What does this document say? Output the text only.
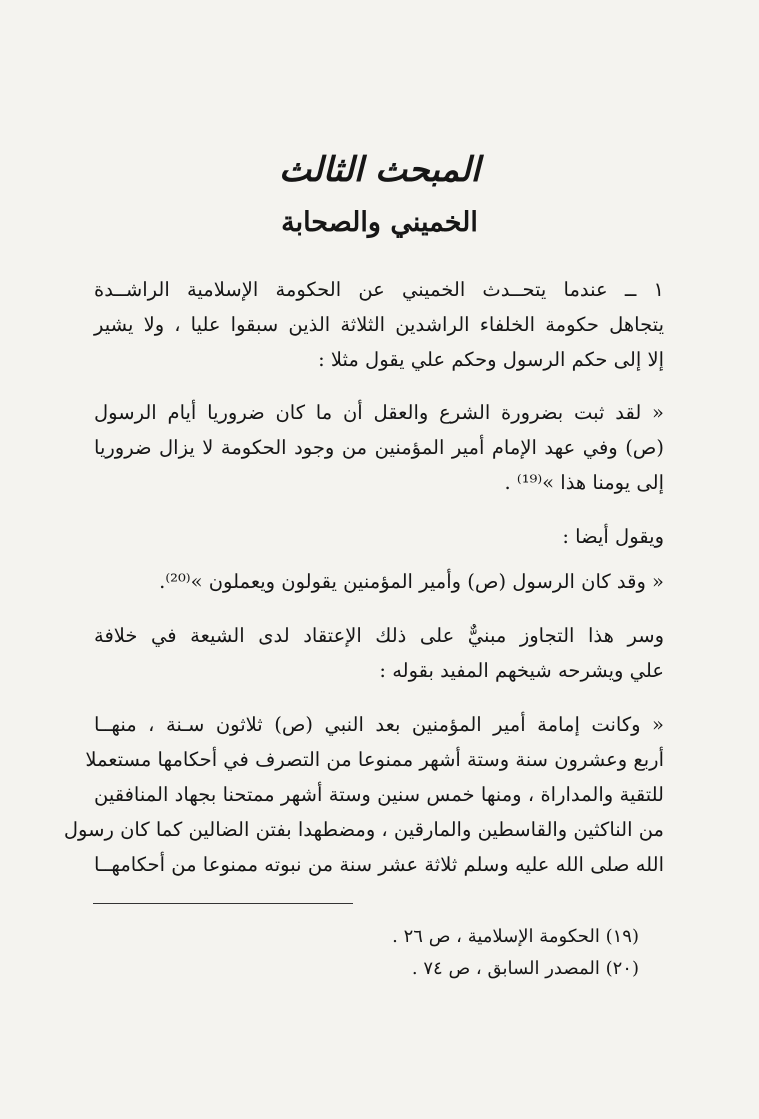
المبحث الثالث
الخميني والصحابة
١ ــ عندما يتحــدث الخميني عن الحكومة الإسلامية الراشــدة
يتجاهل حكومة الخلفاء الراشدين الثلاثة الذين سبقوا عليا ، ولا يشير
إلا إلى حكم الرسول وحكم علي يقول مثلا :
« لقد ثبت بضرورة الشرع والعقل أن ما كان ضروريا أيام الرسول
(ص) وفي عهد الإمام أمير المؤمنين من وجود الحكومة لا يزال ضروريا
إلى يومنا هذا »⁽¹⁹⁾ .
ويقول أيضا :
« وقد كان الرسول (ص) وأمير المؤمنين يقولون ويعملون »⁽²⁰⁾.
وسر هذا التجاوز مبنيٌّ على ذلك الإعتقاد لدى الشيعة في خلافة
علي ويشرحه شيخهم المفيد بقوله :
« وكانت إمامة أمير المؤمنين بعد النبي (ص) ثلاثون سـنة ، منهــا
أربع وعشرون سنة وستة أشهر ممنوعا من التصرف في أحكامها مستعملا
للتقية والمداراة ، ومنها خمس سنين وستة أشهر ممتحنا بجهاد المنافقين
من الناكثين والقاسطين والمارقين ، ومضطهدا بفتن الضالين كما كان رسول
الله صلى الله عليه وسلم ثلاثة عشر سنة من نبوته ممنوعا من أحكامهــا
(١٩) الحكومة الإسلامية ، ص ٢٦ .
(٢٠) المصدر السابق ، ص ٧٤ .
